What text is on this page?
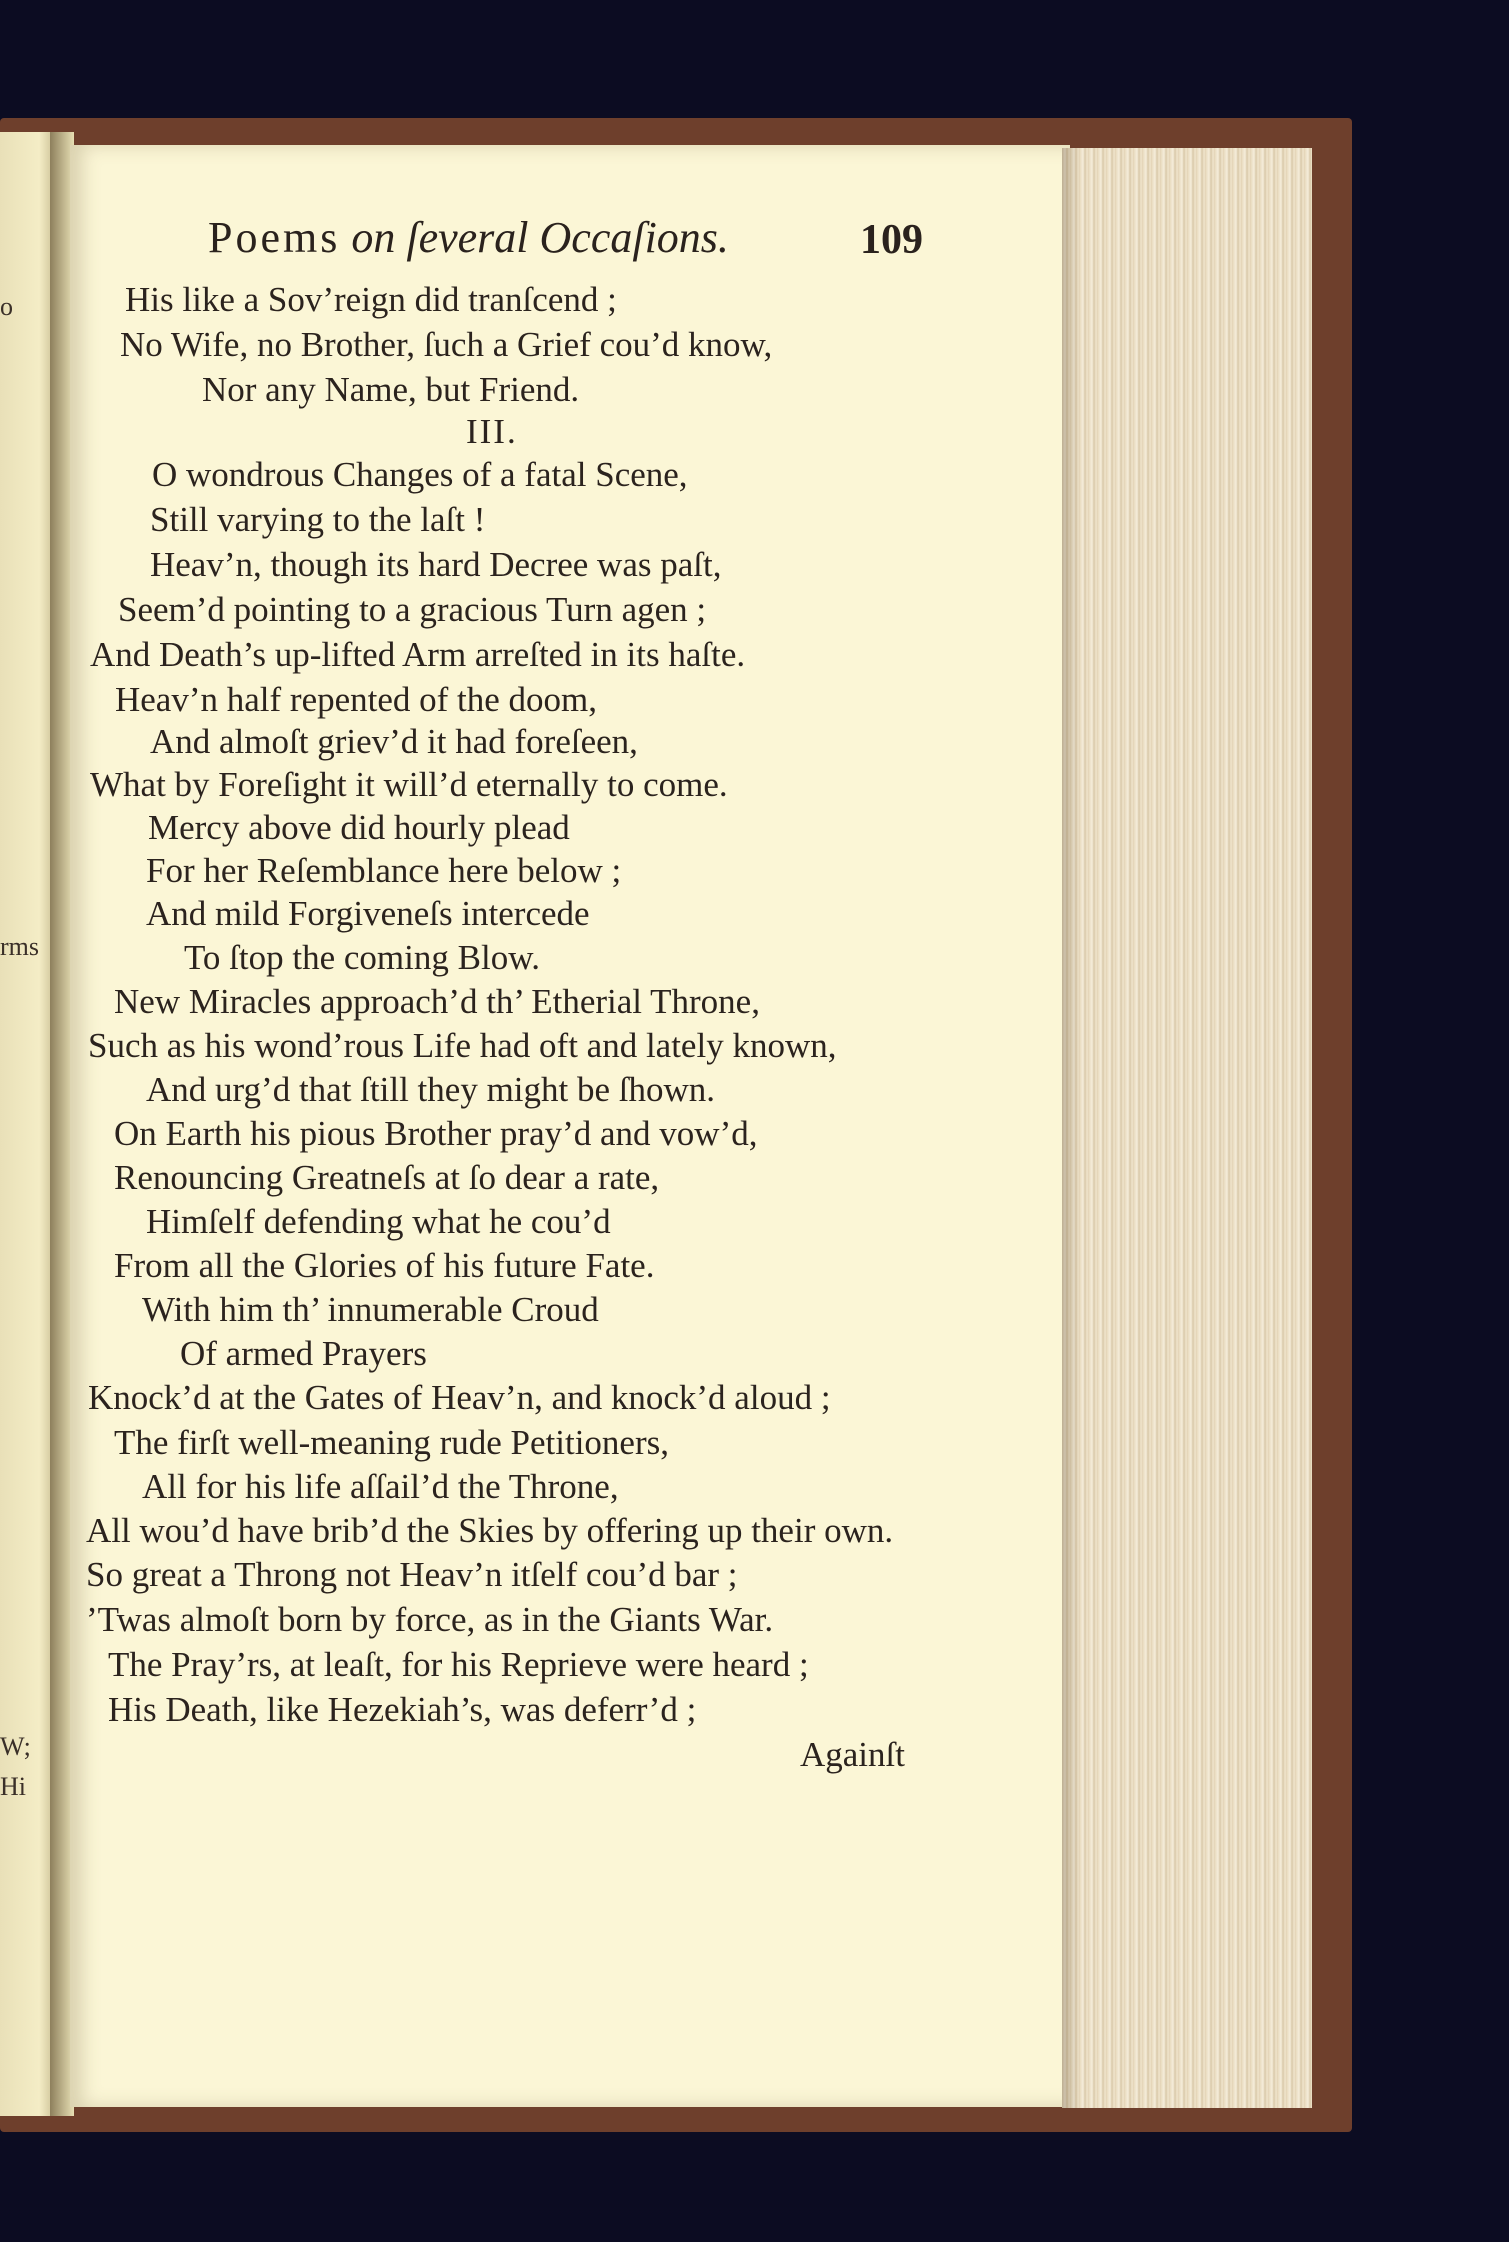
o
rms
W;
Hi
Poems on ſeveral Occaſions.	109
His like a Sov’reign did tranſcend ;
No Wife, no Brother, ſuch a Grief cou’d know,
Nor any Name, but Friend.
III.
O wondrous Changes of a fatal Scene,
Still varying to the laſt !
Heav’n, though its hard Decree was paſt,
Seem’d pointing to a gracious Turn agen ;
And Death’s up-lifted Arm arreſted in its haſte.
Heav’n half repented of the doom,
And almoſt griev’d it had foreſeen,
What by Foreſight it will’d eternally to come.
Mercy above did hourly plead
For her Reſemblance here below ;
And mild Forgiveneſs intercede
To ſtop the coming Blow.
New Miracles approach’d th’ Etherial Throne,
Such as his wond’rous Life had oft and lately known,
And urg’d that ſtill they might be ſhown.
On Earth his pious Brother pray’d and vow’d,
Renouncing Greatneſs at ſo dear a rate,
Himſelf defending what he cou’d
From all the Glories of his future Fate.
With him th’ innumerable Croud
Of armed Prayers
Knock’d at the Gates of Heav’n, and knock’d aloud ;
The firſt well-meaning rude Petitioners,
All for his life aſſail’d the Throne,
All wou’d have brib’d the Skies by offering up their own.
So great a Throng not Heav’n itſelf cou’d bar ;
’Twas almoſt born by force, as in the Giants War.
The Pray’rs, at leaſt, for his Reprieve were heard ;
His Death, like Hezekiah’s, was deferr’d ;
Againſt
